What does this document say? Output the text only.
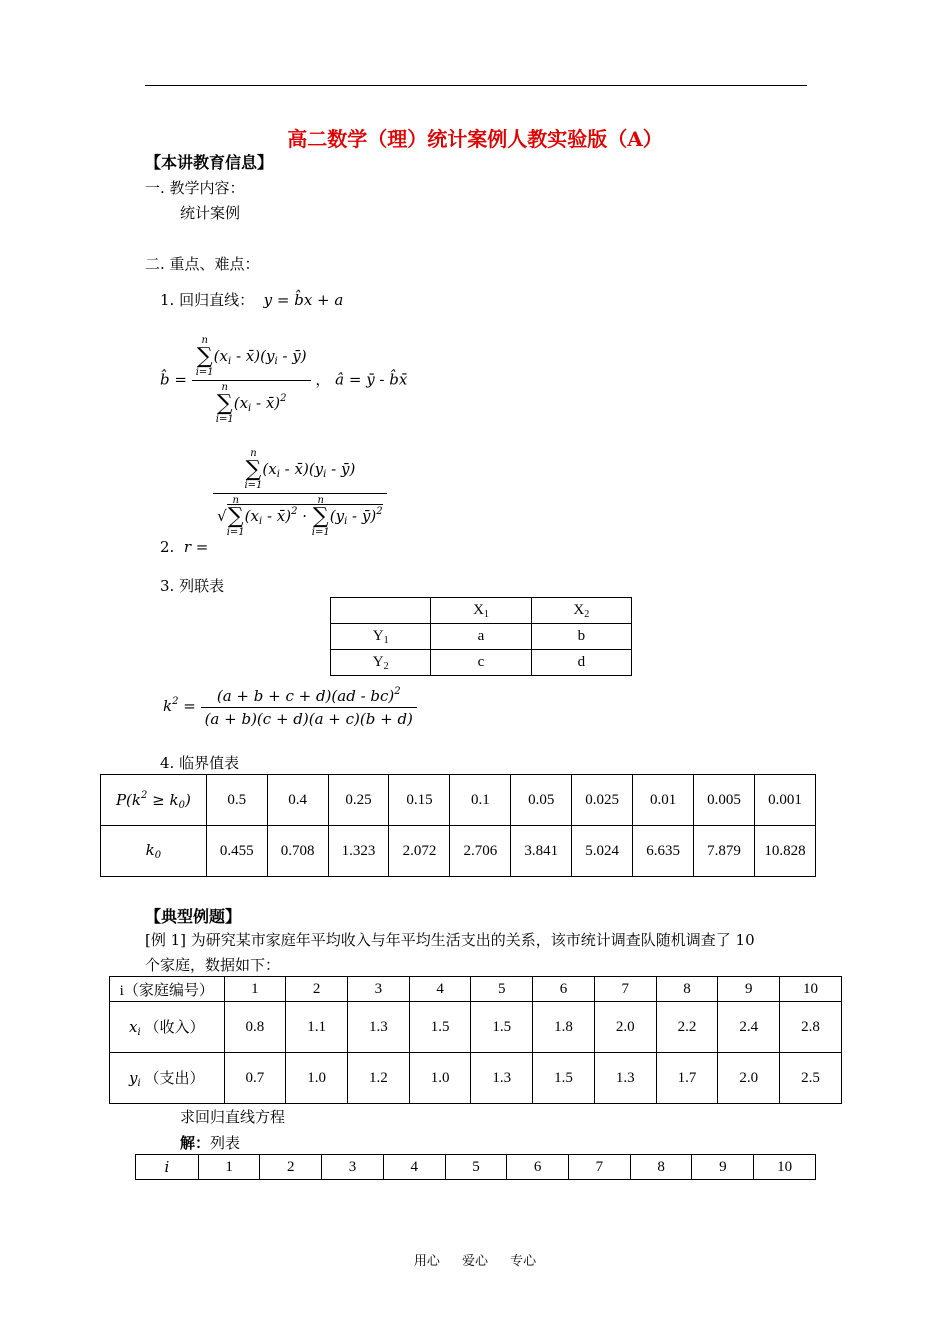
高二数学（理）统计案例人教实验版（A）
【本讲教育信息】
一. 教学内容：
统计案例
二. 重点、难点：
1. 回归直线：  y = b̂x + a
b̂ = n
∑
i=1
($x_i$ - $x̄)(y_i$ - ȳ)
n
∑
i=1
($x_i$ - x̄)$^2$ ， â = ȳ - b̂x̄
2.  r =
n
∑
i=1
($x_i$ - $x̄)(y_i$ - ȳ)
√
n
∑
i=1
($x_i$ - x̄)$^2$ ·
n
∑
i=1
($y_i$ - ȳ)$^2$
3. 列联表
	$X_1$	$X_2$
$Y_1$	a	b
$Y_2$	c	d
$k^2 = \frac{(a + b + c + d)(ad - bc)^2}{(a + b)(c + d)(a + c)(b + d)}$
4. 临界值表
$P(k^2 \ge k_0)$	0.5	0.4	0.25	0.15	0.1	0.05	0.025	0.01	0.005	0.001
$k_0$	0.455	0.708	1.323	2.072	2.706	3.841	5.024	6.635	7.879	10.828
【典型例题】
[例 1] 为研究某市家庭年平均收入与年平均生活支出的关系，该市统计调查队随机调查了 10
个家庭，数据如下：
i（家庭编号）	1	2	3	4	5	6	7	8	9	10
$x_i$ （收入）	0.8	1.1	1.3	1.5	1.5	1.8	2.0	2.2	2.4	2.8
$y_i$ （支出）	0.7	1.0	1.2	1.0	1.3	1.5	1.3	1.7	2.0	2.5
求回归直线方程
解：列表
i	1	2	3	4	5	6	7	8	9	10
用心 爱心 专心
